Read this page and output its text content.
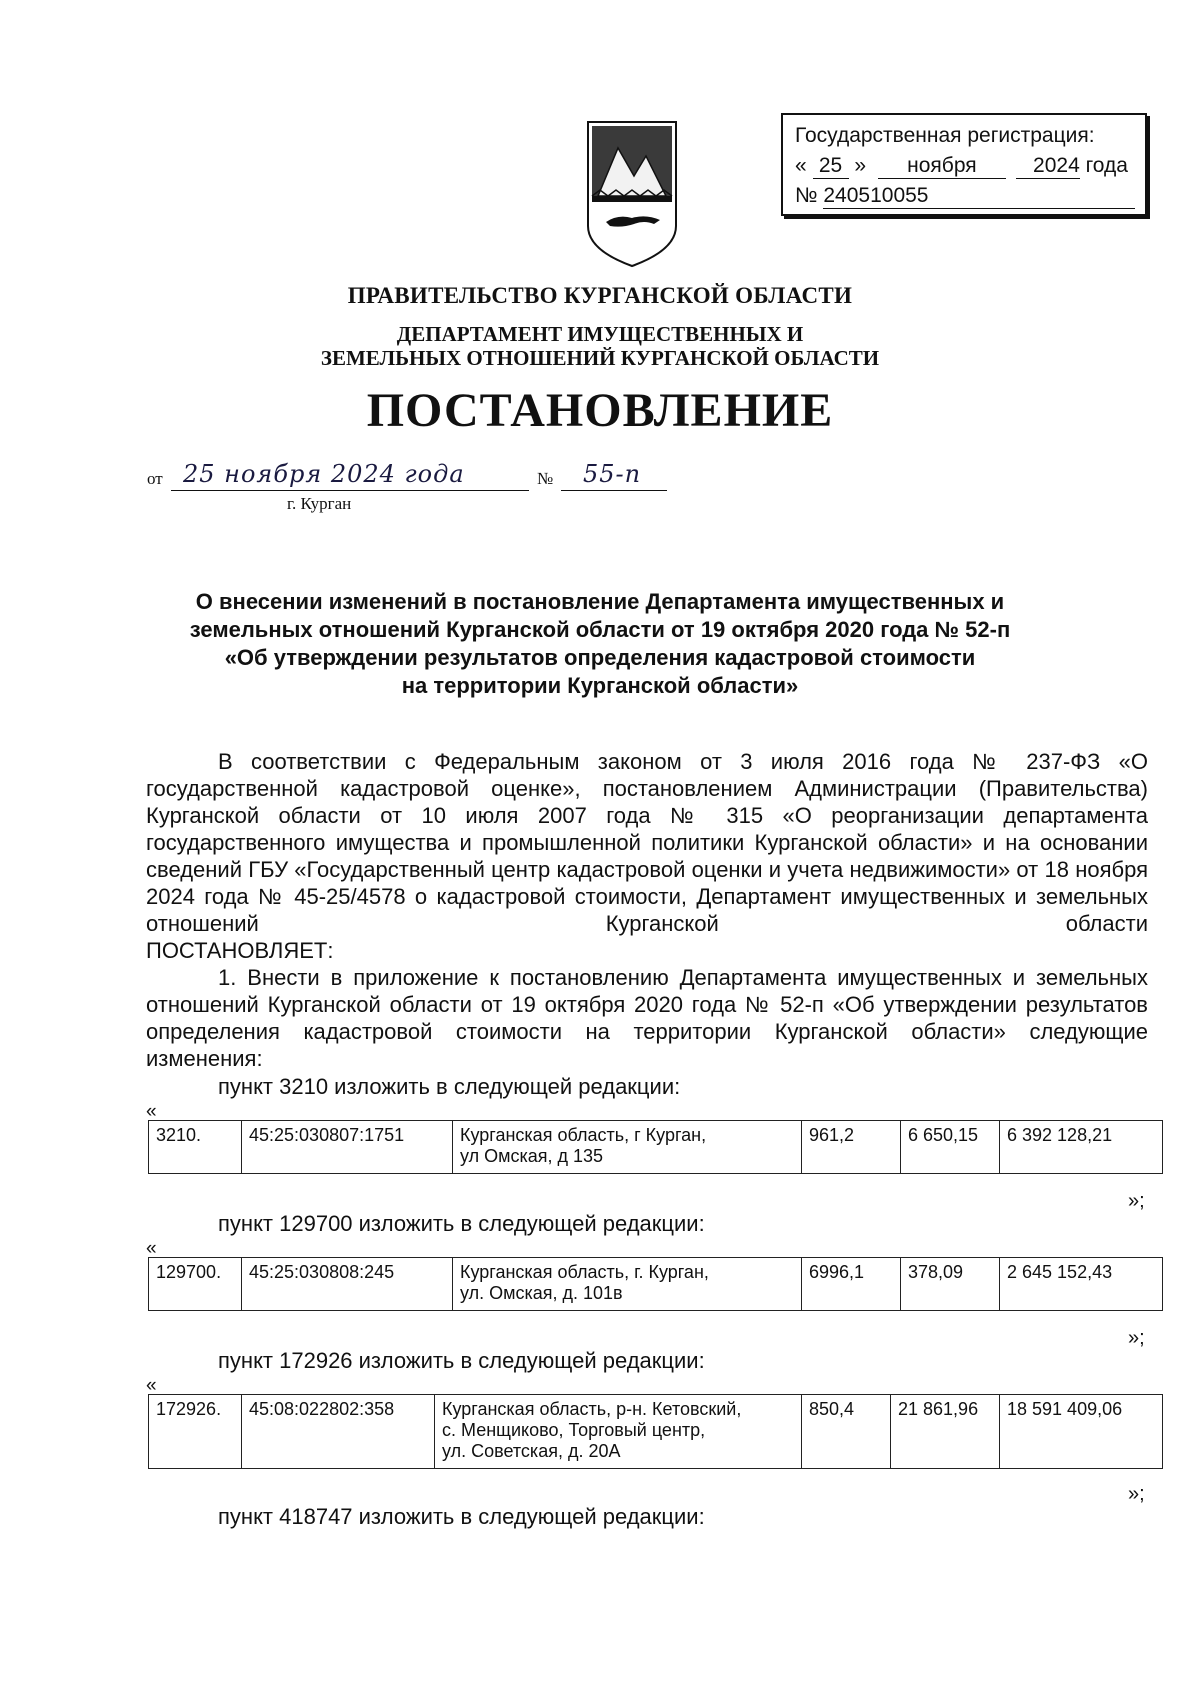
Государственная регистрация:
« 25 » ноября	2024 года
№ 240510055
ПРАВИТЕЛЬСТВО КУРГАНСКОЙ ОБЛАСТИ
ДЕПАРТАМЕНТ ИМУЩЕСТВЕННЫХ И
ЗЕМЕЛЬНЫХ ОТНОШЕНИЙ КУРГАНСКОЙ ОБЛАСТИ
ПОСТАНОВЛЕНИЕ
от 25 ноября 2024 года	№ 55-п
г. Курган
О внесении изменений в постановление Департамента имущественных и
земельных отношений Курганской области от 19 октября 2020 года № 52-п
«Об утверждении результатов определения кадастровой стоимости
на территории Курганской области»
В соответствии с Федеральным законом от 3 июля 2016 года № 237-ФЗ «О государственной кадастровой оценке», постановлением Администрации (Правительства) Курганской области от 10 июля 2007 года № 315 «О реорганизации департамента государственного имущества и промышленной политики Курганской области» и на основании сведений ГБУ «Государственный центр кадастровой оценки и учета недвижимости» от 18 ноября 2024 года № 45-25/4578 о кадастровой стоимости, Департамент имущественных и земельных отношений Курганской области
ПОСТАНОВЛЯЕТ:
1. Внести в приложение к постановлению Департамента имущественных и земельных отношений Курганской области от 19 октября 2020 года № 52-п «Об утверждении результатов определения кадастровой стоимости на территории Курганской области» следующие изменения:
пункт 3210 изложить в следующей редакции:
«
3210.	45:25:030807:1751	Курганская область, г Курган,
ул Омская, д 135
	961,2	6 650,15	6 392 128,21
»;
пункт 129700 изложить в следующей редакции:
«
129700.	45:25:030808:245	Курганская область, г. Курган,
ул. Омская, д. 101в
	6996,1	378,09	2 645 152,43
»;
пункт 172926 изложить в следующей редакции:
«
172926.	45:08:022802:358	Курганская область, р-н. Кетовский,
с. Менщиково, Торговый центр,
ул. Советская, д. 20А
	850,4	21 861,96	18 591 409,06
»;
пункт 418747 изложить в следующей редакции:
